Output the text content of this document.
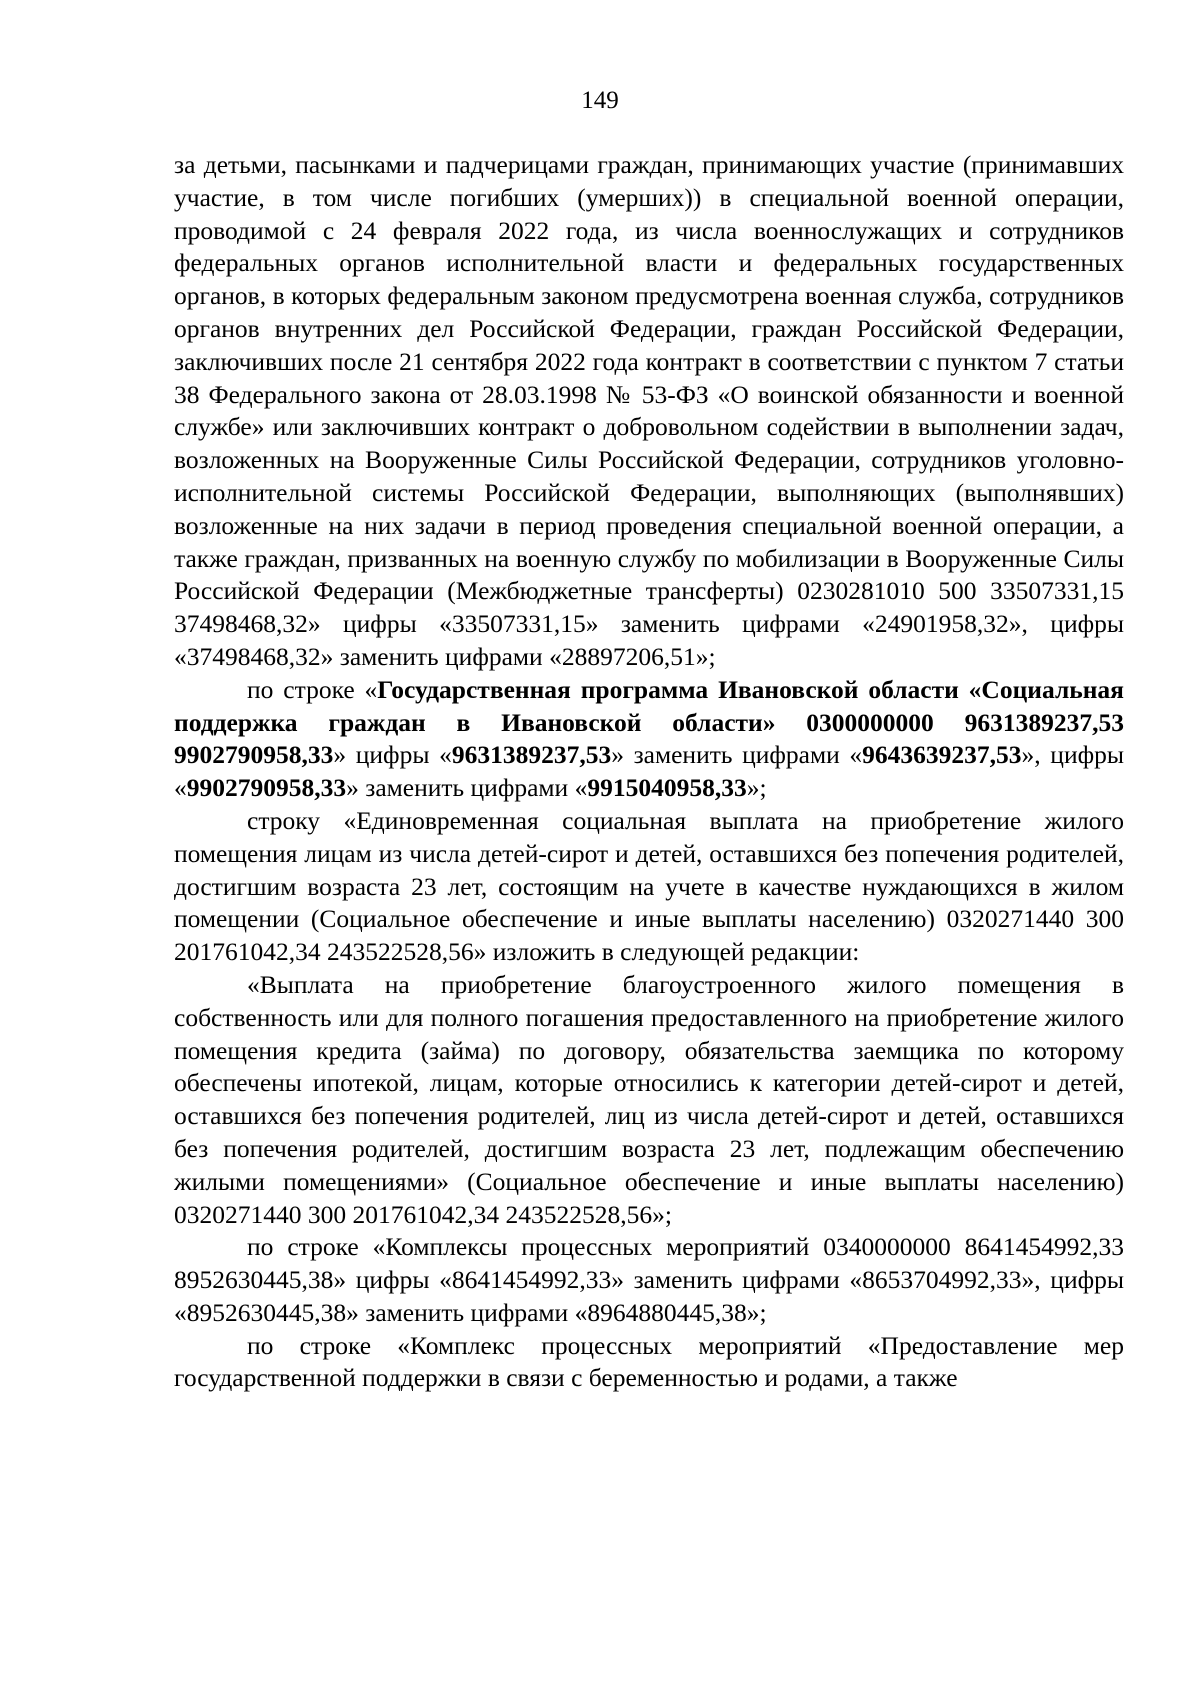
149

за детьми, пасынками и падчерицами граждан, принимающих участие (принимавших участие, в том числе погибших (умерших)) в специальной военной операции, проводимой с 24 февраля 2022 года, из числа военнослужащих и сотрудников федеральных органов исполнительной власти и федеральных государственных органов, в которых федеральным законом предусмотрена военная служба, сотрудников органов внутренних дел Российской Федерации, граждан Российской Федерации, заключивших после 21 сентября 2022 года контракт в соответствии с пунктом 7 статьи 38 Федерального закона от 28.03.1998 № 53-ФЗ «О воинской обязанности и военной службе» или заключивших контракт о добровольном содействии в выполнении задач, возложенных на Вооруженные Силы Российской Федерации, сотрудников уголовно-исполнительной системы Российской Федерации, выполняющих (выполнявших) возложенные на них задачи в период проведения специальной военной операции, а также граждан, призванных на военную службу по мобилизации в Вооруженные Силы Российской Федерации (Межбюджетные трансферты) 0230281010 500 33507331,15 37498468,32» цифры «33507331,15» заменить цифрами «24901958,32», цифры «37498468,32» заменить цифрами «28897206,51»;

по строке «Государственная программа Ивановской области «Социальная поддержка граждан в Ивановской области» 0300000000 9631389237,53 9902790958,33» цифры «9631389237,53» заменить цифрами «9643639237,53», цифры «9902790958,33» заменить цифрами «9915040958,33»;

строку «Единовременная социальная выплата на приобретение жилого помещения лицам из числа детей-сирот и детей, оставшихся без попечения родителей, достигшим возраста 23 лет, состоящим на учете в качестве нуждающихся в жилом помещении (Социальное обеспечение и иные выплаты населению) 0320271440 300 201761042,34 243522528,56» изложить в следующей редакции:

«Выплата на приобретение благоустроенного жилого помещения в собственность или для полного погашения предоставленного на приобретение жилого помещения кредита (займа) по договору, обязательства заемщика по которому обеспечены ипотекой, лицам, которые относились к категории детей-сирот и детей, оставшихся без попечения родителей, лиц из числа детей-сирот и детей, оставшихся без попечения родителей, достигшим возраста 23 лет, подлежащим обеспечению жилыми помещениями» (Социальное обеспечение и иные выплаты населению) 0320271440 300 201761042,34 243522528,56»;

по строке «Комплексы процессных мероприятий 0340000000 8641454992,33 8952630445,38» цифры «8641454992,33» заменить цифрами «8653704992,33», цифры «8952630445,38» заменить цифрами «8964880445,38»;

по строке «Комплекс процессных мероприятий «Предоставление мер государственной поддержки в связи с беременностью и родами, а также
